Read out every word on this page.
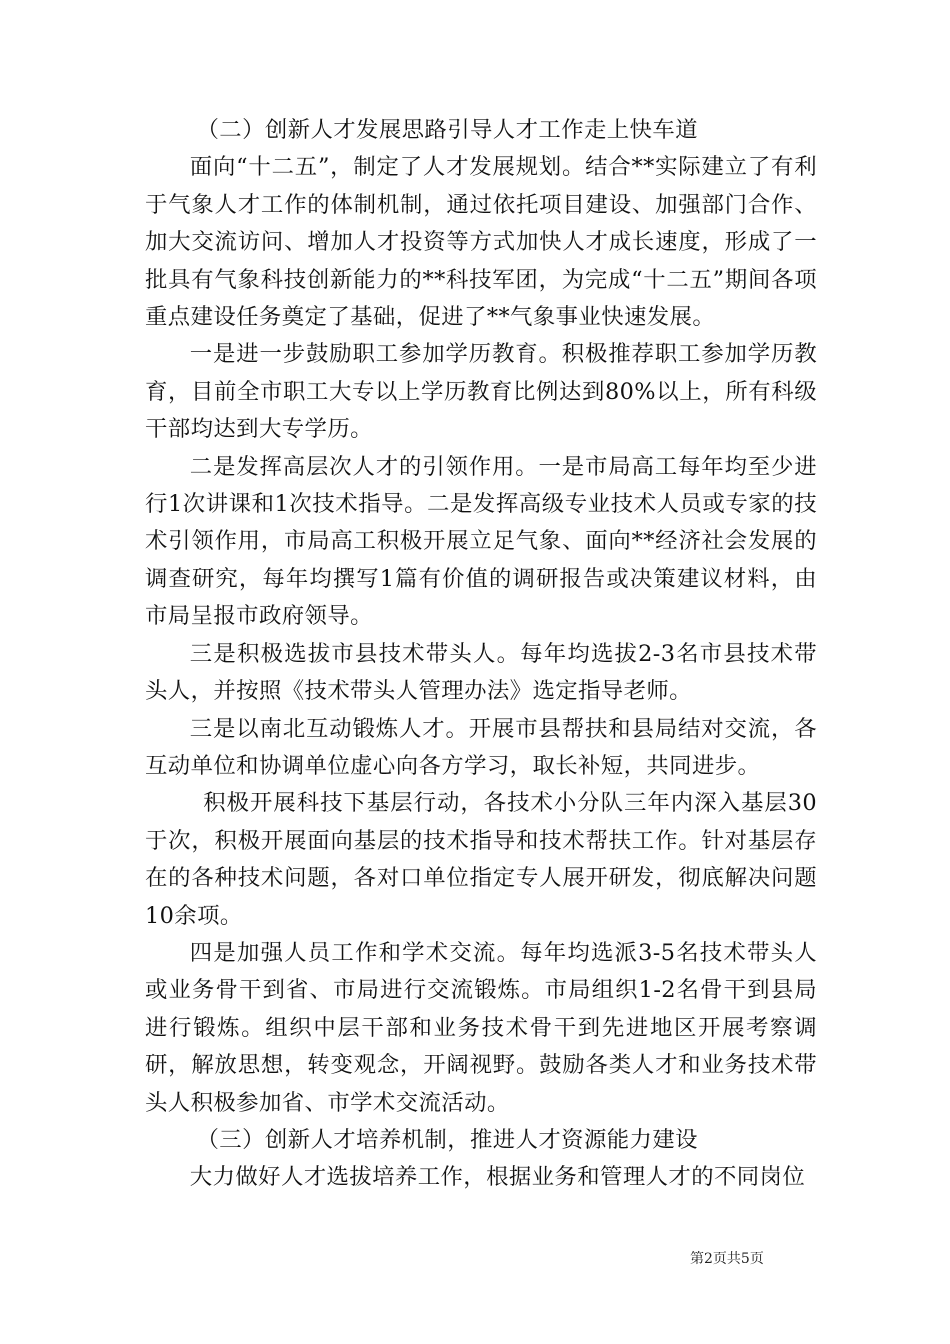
（二）创新人才发展思路引导人才工作走上快车道

面向“十二五”，制定了人才发展规划。结合**实际建立了有利于气象人才工作的体制机制，通过依托项目建设、加强部门合作、加大交流访问、增加人才投资等方式加快人才成长速度，形成了一批具有气象科技创新能力的**科技军团，为完成“十二五”期间各项重点建设任务奠定了基础，促进了**气象事业快速发展。

一是进一步鼓励职工参加学历教育。积极推荐职工参加学历教育，目前全市职工大专以上学历教育比例达到80%以上，所有科级干部均达到大专学历。

二是发挥高层次人才的引领作用。一是市局高工每年均至少进行1次讲课和1次技术指导。二是发挥高级专业技术人员或专家的技术引领作用，市局高工积极开展立足气象、面向**经济社会发展的调查研究，每年均撰写1篇有价值的调研报告或决策建议材料，由市局呈报市政府领导。

三是积极选拔市县技术带头人。每年均选拔2-3名市县技术带头人，并按照《技术带头人管理办法》选定指导老师。

三是以南北互动锻炼人才。开展市县帮扶和县局结对交流，各互动单位和协调单位虚心向各方学习，取长补短，共同进步。

积极开展科技下基层行动，各技术小分队三年内深入基层30于次，积极开展面向基层的技术指导和技术帮扶工作。针对基层存在的各种技术问题，各对口单位指定专人展开研发，彻底解决问题10余项。

四是加强人员工作和学术交流。每年均选派3-5名技术带头人或业务骨干到省、市局进行交流锻炼。市局组织1-2名骨干到县局进行锻炼。组织中层干部和业务技术骨干到先进地区开展考察调研，解放思想，转变观念，开阔视野。鼓励各类人才和业务技术带头人积极参加省、市学术交流活动。

（三）创新人才培养机制，推进人才资源能力建设

大力做好人才选拔培养工作，根据业务和管理人才的不同岗位

第2页共5页
